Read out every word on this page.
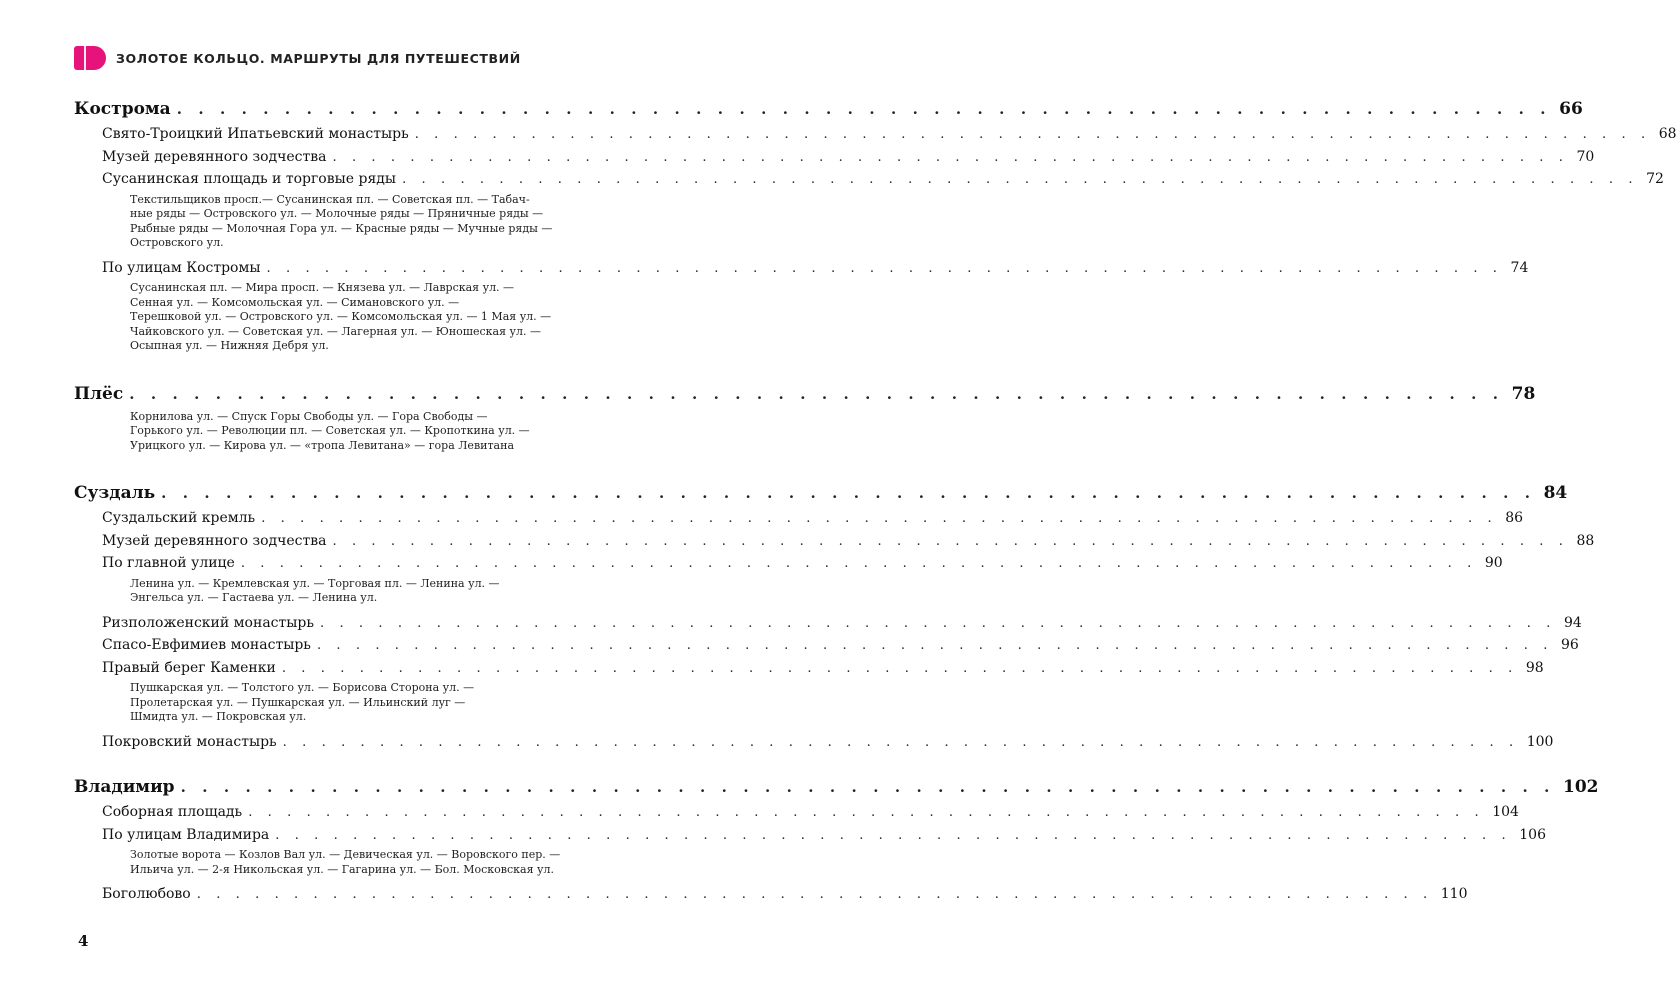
ЗОЛОТОЕ КОЛЬЦО. МАРШРУТЫ ДЛЯ ПУТЕШЕСТВИЙ
Кострома . . . . . . . . . . . . . . . . . . . . . . . . . . . . . . . . . . . . . . . . . . . . . . . . . . . . . . . . . . . . . . . . 66
Свято-Троицкий Ипатьевский монастырь . . . . . . . . . . . . . . . . . . . . . . . . . . . . . . . . . . . . . . . . . . . . . . . . . . . . . . . . . . . . . . . . 68
Музей деревянного зодчества . . . . . . . . . . . . . . . . . . . . . . . . . . . . . . . . . . . . . . . . . . . . . . . . . . . . . . . . . . . . . . . . 70
Сусанинская площадь и торговые ряды . . . . . . . . . . . . . . . . . . . . . . . . . . . . . . . . . . . . . . . . . . . . . . . . . . . . . . . . . . . . . . . . 72
Текстильщиков просп.— Сусанинская пл. — Советская пл. — Табач-
ные ряды — Островского ул. — Молочные ряды — Пряничные ряды —
Рыбные ряды — Молочная Гора ул. — Красные ряды — Мучные ряды —
Островского ул.
По улицам Костромы . . . . . . . . . . . . . . . . . . . . . . . . . . . . . . . . . . . . . . . . . . . . . . . . . . . . . . . . . . . . . . . . 74
Сусанинская пл. — Мира просп. — Князева ул. — Лаврская ул. —
Сенная ул. — Комсомольская ул. — Симановского ул. —
Терешковой ул. — Островского ул. — Комсомольская ул. — 1 Мая ул. —
Чайковского ул. — Советская ул. — Лагерная ул. — Юношеская ул. —
Осыпная ул. — Нижняя Дебря ул.
Плёс . . . . . . . . . . . . . . . . . . . . . . . . . . . . . . . . . . . . . . . . . . . . . . . . . . . . . . . . . . . . . . . . 78
Корнилова ул. — Спуск Горы Свободы ул. — Гора Свободы —
Горького ул. — Революции пл. — Советская ул. — Кропоткина ул. —
Урицкого ул. — Кирова ул. — «тропа Левитана» — гора Левитана
Суздаль . . . . . . . . . . . . . . . . . . . . . . . . . . . . . . . . . . . . . . . . . . . . . . . . . . . . . . . . . . . . . . . . 84
Суздальский кремль . . . . . . . . . . . . . . . . . . . . . . . . . . . . . . . . . . . . . . . . . . . . . . . . . . . . . . . . . . . . . . . . 86
Музей деревянного зодчества . . . . . . . . . . . . . . . . . . . . . . . . . . . . . . . . . . . . . . . . . . . . . . . . . . . . . . . . . . . . . . . . 88
По главной улице . . . . . . . . . . . . . . . . . . . . . . . . . . . . . . . . . . . . . . . . . . . . . . . . . . . . . . . . . . . . . . . . 90
Ленина ул. — Кремлевская ул. — Торговая пл. — Ленина ул. —
Энгельса ул. — Гастаева ул. — Ленина ул.
Ризположенский монастырь . . . . . . . . . . . . . . . . . . . . . . . . . . . . . . . . . . . . . . . . . . . . . . . . . . . . . . . . . . . . . . . . 94
Спасо-Евфимиев монастырь . . . . . . . . . . . . . . . . . . . . . . . . . . . . . . . . . . . . . . . . . . . . . . . . . . . . . . . . . . . . . . . . 96
Правый берег Каменки . . . . . . . . . . . . . . . . . . . . . . . . . . . . . . . . . . . . . . . . . . . . . . . . . . . . . . . . . . . . . . . . 98
Пушкарская ул. — Толстого ул. — Борисова Сторона ул. —
Пролетарская ул. — Пушкарская ул. — Ильинский луг —
Шмидта ул. — Покровская ул.
Покровский монастырь . . . . . . . . . . . . . . . . . . . . . . . . . . . . . . . . . . . . . . . . . . . . . . . . . . . . . . . . . . . . . . . . 100
Владимир . . . . . . . . . . . . . . . . . . . . . . . . . . . . . . . . . . . . . . . . . . . . . . . . . . . . . . . . . . . . . . . . 102
Соборная площадь . . . . . . . . . . . . . . . . . . . . . . . . . . . . . . . . . . . . . . . . . . . . . . . . . . . . . . . . . . . . . . . . 104
По улицам Владимира . . . . . . . . . . . . . . . . . . . . . . . . . . . . . . . . . . . . . . . . . . . . . . . . . . . . . . . . . . . . . . . . 106
Золотые ворота — Козлов Вал ул. — Девическая ул. — Воровского пер. —
Ильича ул. — 2-я Никольская ул. — Гагарина ул. — Бол. Московская ул.
Боголюбово . . . . . . . . . . . . . . . . . . . . . . . . . . . . . . . . . . . . . . . . . . . . . . . . . . . . . . . . . . . . . . . . 110
4
